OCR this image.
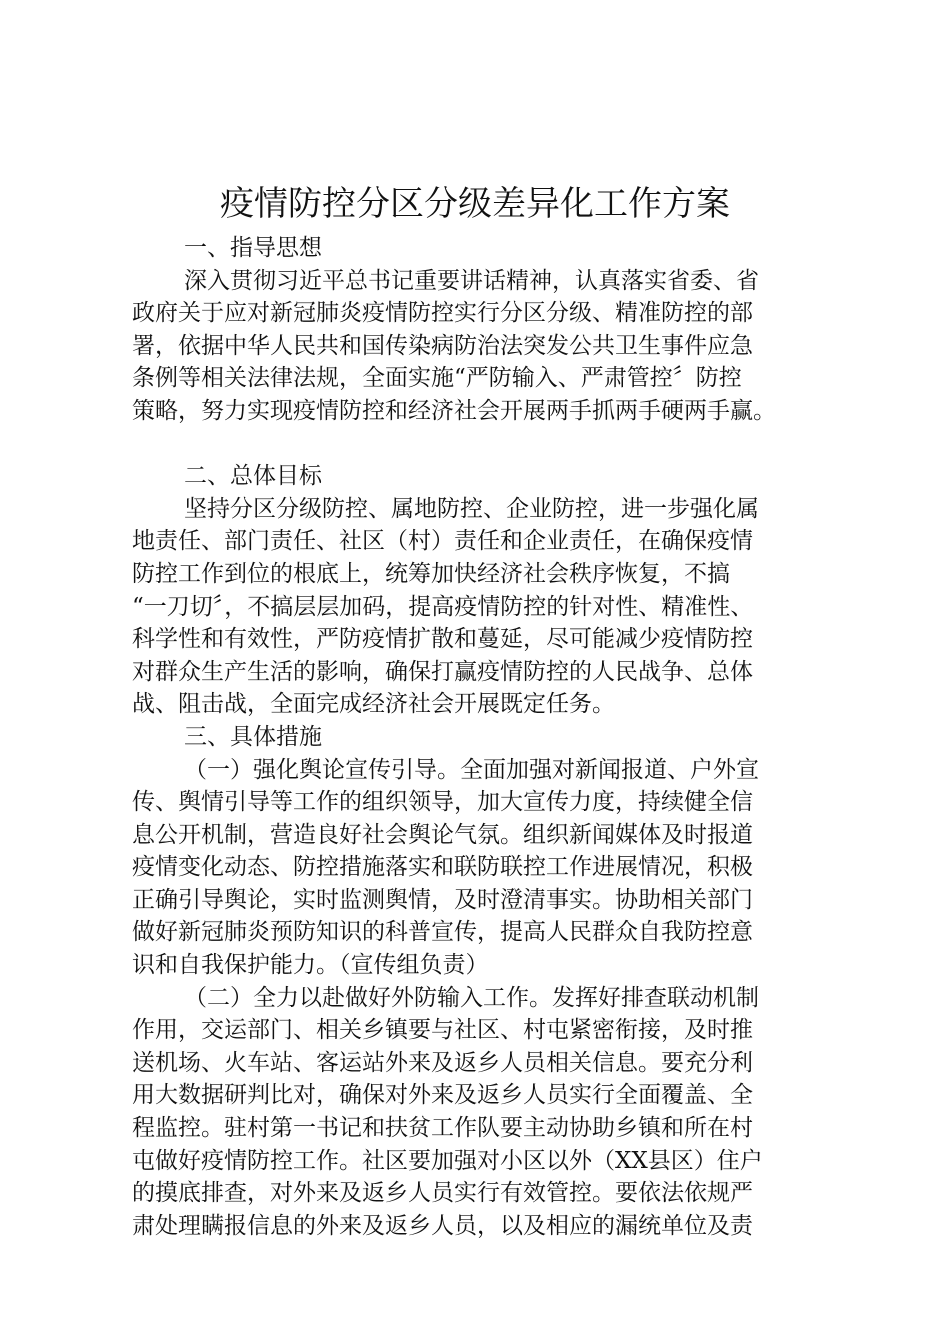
疫情防控分区分级差异化工作方案
一、指导思想
深入贯彻习近平总书记重要讲话精神，认真落实省委、省
政府关于应对新冠肺炎疫情防控实行分区分级、精准防控的部
署，依据中华人民共和国传染病防治法突发公共卫生事件应急
条例等相关法律法规，全面实施“严防输入、严肃管控〞防控
策略，努力实现疫情防控和经济社会开展两手抓两手硬两手赢。
二、总体目标
坚持分区分级防控、属地防控、企业防控，进一步强化属
地责任、部门责任、社区（村）责任和企业责任，在确保疫情
防控工作到位的根底上，统筹加快经济社会秩序恢复，不搞
“一刀切〞，不搞层层加码，提高疫情防控的针对性、精准性、
科学性和有效性，严防疫情扩散和蔓延，尽可能减少疫情防控
对群众生产生活的影响，确保打赢疫情防控的人民战争、总体
战、阻击战，全面完成经济社会开展既定任务。
三、具体措施
（一）强化舆论宣传引导。全面加强对新闻报道、户外宣
传、舆情引导等工作的组织领导，加大宣传力度，持续健全信
息公开机制，营造良好社会舆论气氛。组织新闻媒体及时报道
疫情变化动态、防控措施落实和联防联控工作进展情况，积极
正确引导舆论，实时监测舆情，及时澄清事实。协助相关部门
做好新冠肺炎预防知识的科普宣传，提高人民群众自我防控意
识和自我保护能力。（宣传组负责）
（二）全力以赴做好外防输入工作。发挥好排查联动机制
作用，交运部门、相关乡镇要与社区、村屯紧密衔接，及时推
送机场、火车站、客运站外来及返乡人员相关信息。要充分利
用大数据研判比对，确保对外来及返乡人员实行全面覆盖、全
程监控。驻村第一书记和扶贫工作队要主动协助乡镇和所在村
屯做好疫情防控工作。社区要加强对小区以外（XX县区）住户
的摸底排查，对外来及返乡人员实行有效管控。要依法依规严
肃处理瞒报信息的外来及返乡人员，以及相应的漏统单位及责
